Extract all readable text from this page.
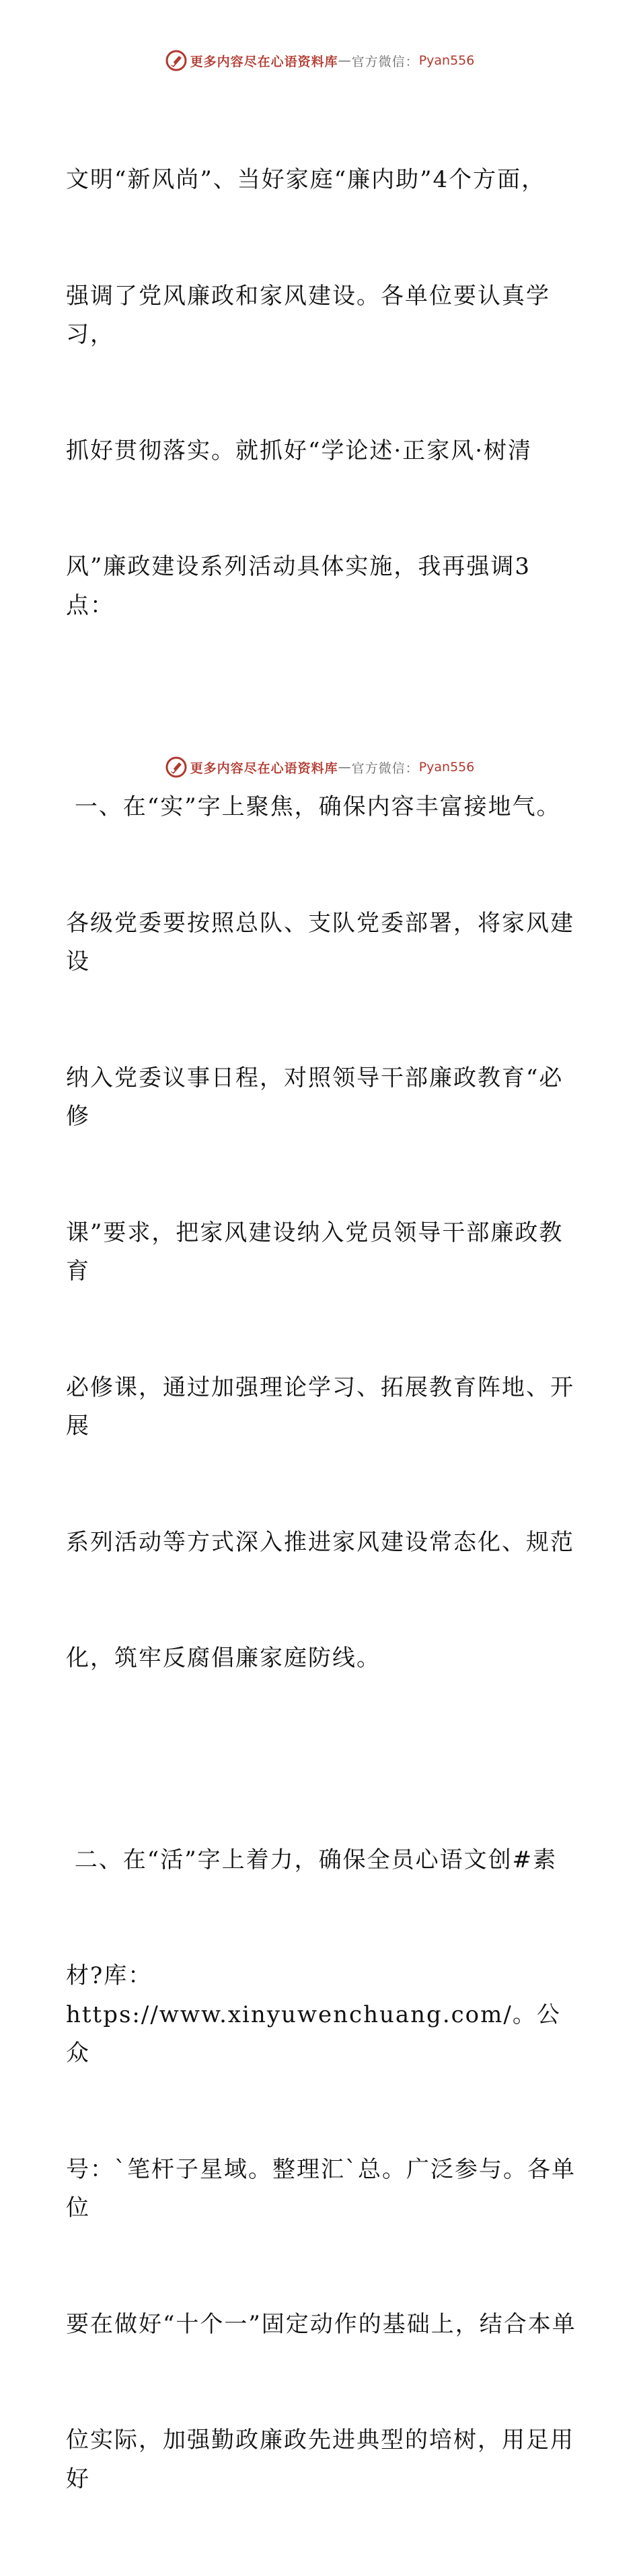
更多内容尽在心语资料库 — 官方微信： Pyan556

文明“新风尚”、当好家庭“廉内助”4个方面，

强调了党风廉政和家风建设。各单位要认真学习，

抓好贯彻落实。就抓好“学论述·正家风·树清

风”廉政建设系列活动具体实施，我再强调3点：

一、在“实”字上聚焦，确保内容丰富接地气。

各级党委要按照总队、支队党委部署，将家风建设

纳入党委议事日程，对照领导干部廉政教育“必修

课”要求，把家风建设纳入党员领导干部廉政教育

必修课，通过加强理论学习、拓展教育阵地、开展

系列活动等方式深入推进家风建设常态化、规范

化，筑牢反腐倡廉家庭防线。

二、在“活”字上着力，确保全员心语文创#素

材?库：https://www.xinyuwenchuang.com/。公众

号：`笔杆子星域。整理汇`总。广泛参与。各单位

要在做好“十个一”固定动作的基础上，结合本单

位实际，加强勤政廉政先进典型的培树，用足用好

更多内容尽在心语资料库 — 官方微信： Pyan556
